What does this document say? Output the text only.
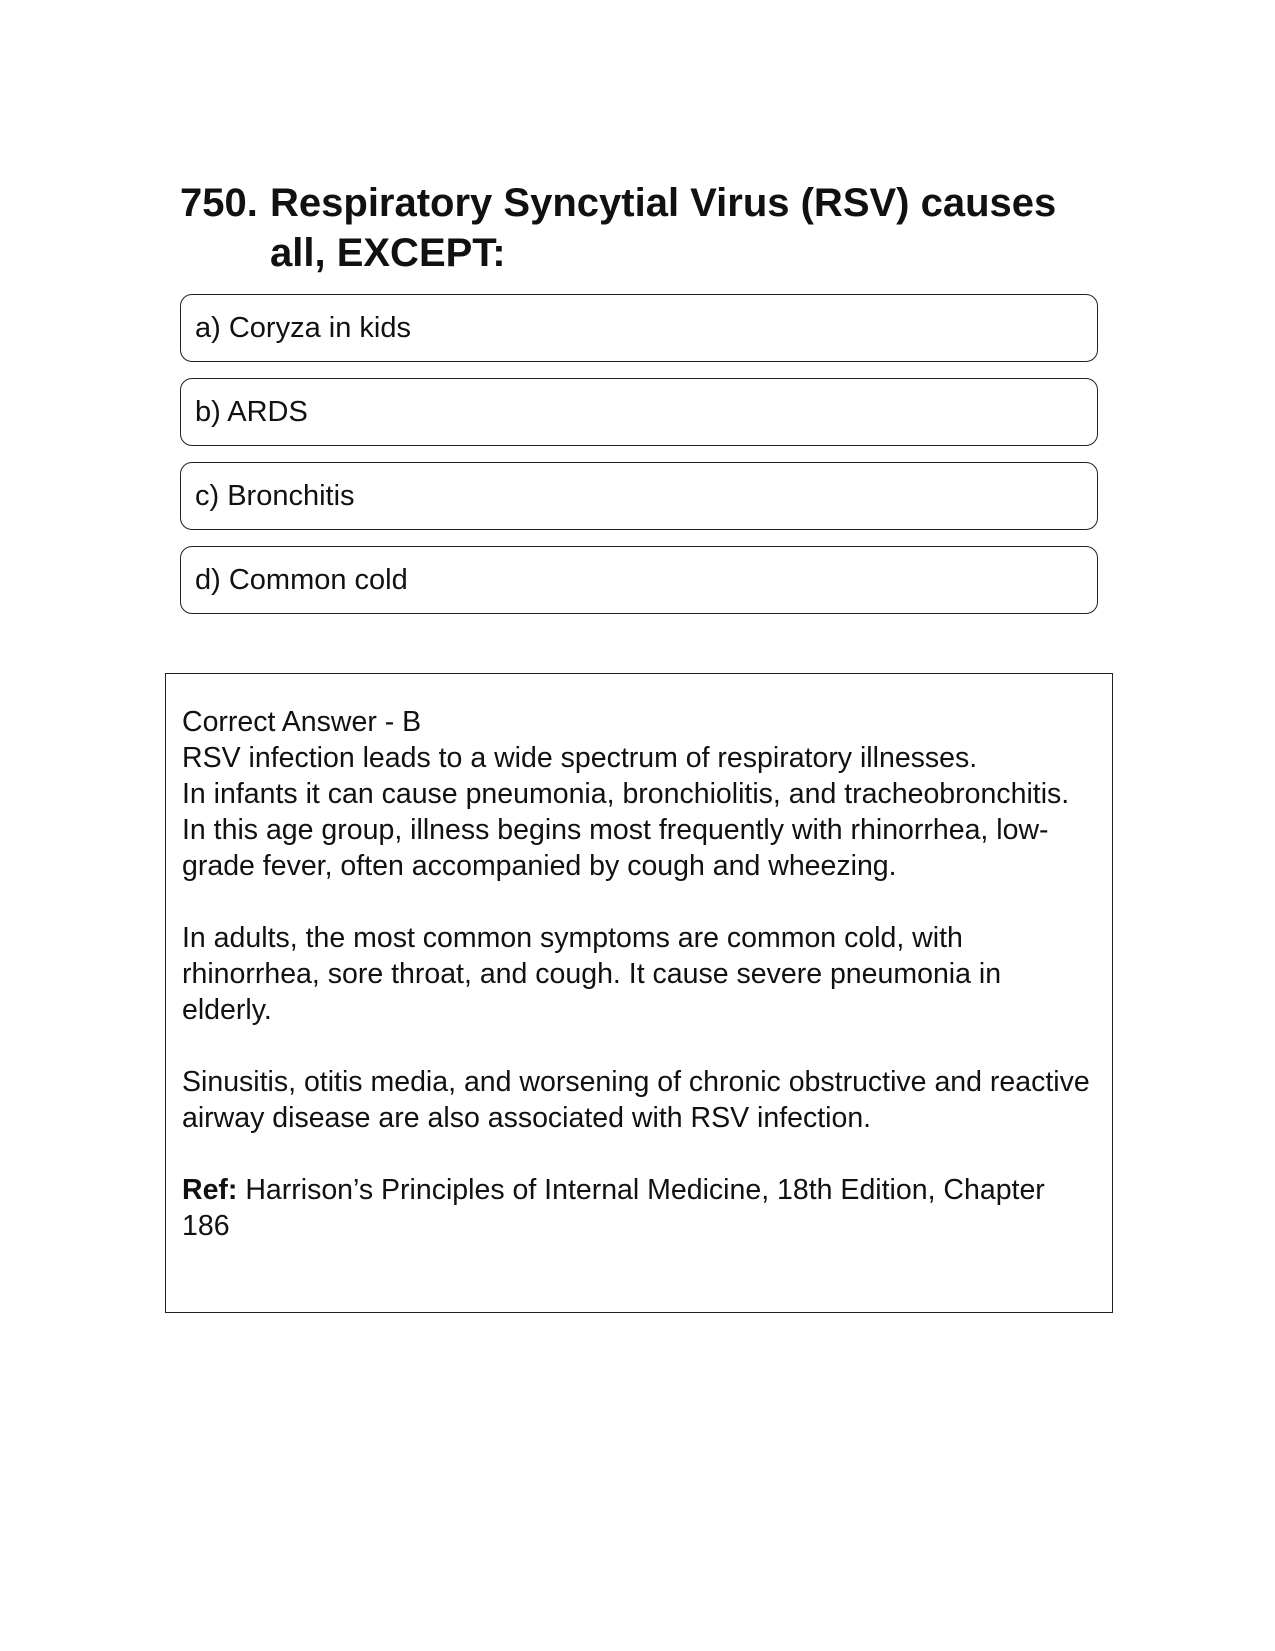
750. Respiratory Syncytial Virus (RSV) causes all, EXCEPT:
a) Coryza in kids
b) ARDS
c) Bronchitis
d) Common cold

Correct Answer - B

RSV infection leads to a wide spectrum of respiratory illnesses.

In infants it can cause pneumonia, bronchiolitis, and tracheobronchitis. In this age group, illness begins most frequently with rhinorrhea, low-grade fever, often accompanied by cough and wheezing.

In adults, the most common symptoms are common cold, with rhinorrhea, sore throat, and cough. It cause severe pneumonia in elderly.

Sinusitis, otitis media, and worsening of chronic obstructive and reactive airway disease are also associated with RSV infection.

Ref: Harrison’s Principles of Internal Medicine, 18th Edition, Chapter 186
